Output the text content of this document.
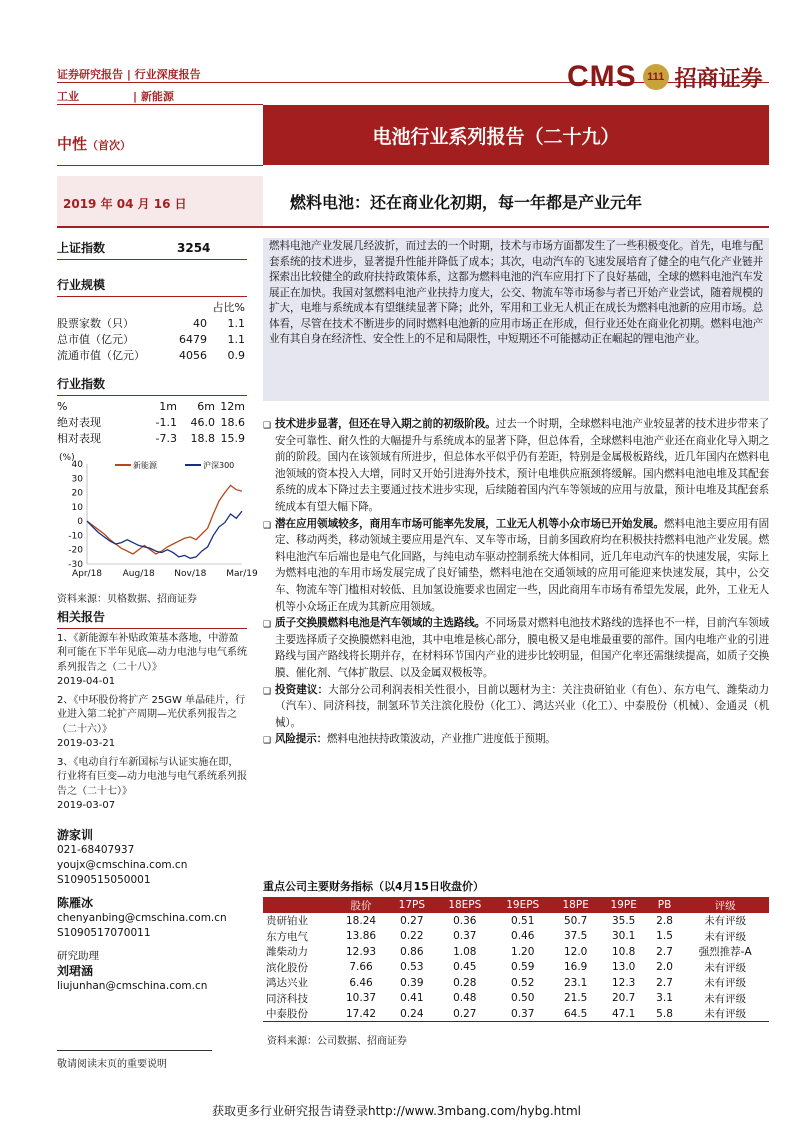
证券研究报告 | 行业深度报告
工业	| 新能源
CMS 111 招商证券
电池行业系列报告（二十九）
中性（首次）
2019 年 04 月 16 日	燃料电池：还在商业化初期，每一年都是产业元年
上证指数	3254
行业规模
占比%
股票家数（只）	40	1.1
总市值（亿元）	6479	1.1
流通市值（亿元）	4056	0.9
行业指数
%	1m	6m 12m
绝对表现	-1.1	46.0 18.6
相对表现	-7.3	18.8 15.9
(%)
40
30
20
10
0
-10
-20
-30
Apr/18 Aug/18 Nov/18 Mar/19
新能源	沪深300
资料来源：贝格数据、招商证券
相关报告
1、《新能源车补贴政策基本落地，中游盈利可能在下半年见底—动力电池与电气系统系列报告之（二十八）》
2019-04-01
2、《中环股份将扩产 25GW 单晶硅片，行业进入第二轮扩产周期—光伏系列报告之（二十六）》
2019-03-21
3、《电动自行车新国标与认证实施在即，行业将有巨变—动力电池与电气系统系列报告之（二十七）》
2019-03-07
游家训
021-68407937
youjx@cmschina.com.cn
S1090515050001
陈雁冰
chenyanbing@cmschina.com.cn
S1090517070011
研究助理
刘珺涵
liujunhan@cmschina.com.cn
燃料电池产业发展几经波折，而过去的一个时期，技术与市场方面都发生了一些积极变化。首先，电堆与配套系统的技术进步，显著提升性能并降低了成本；其次，电动汽车的飞速发展培育了健全的电气化产业链并探索出比较健全的政府扶持政策体系，这都为燃料电池的汽车应用打下了良好基础，全球的燃料电池汽车发展正在加快。我国对氢燃料电池产业扶持力度大，公交、物流车等市场参与者已开始产业尝试，随着规模的扩大，电堆与系统成本有望继续显著下降；此外，军用和工业无人机正在成长为燃料电池新的应用市场。总体看，尽管在技术不断进步的同时燃料电池新的应用市场正在形成，但行业还处在商业化初期。燃料电池产业有其自身在经济性、安全性上的不足和局限性，中短期还不可能撼动正在崛起的锂电池产业。
❑ 技术进步显著，但还在导入期之前的初级阶段。过去一个时期，全球燃料电池产业较显著的技术进步带来了安全可靠性、耐久性的大幅提升与系统成本的显著下降，但总体看，全球燃料电池产业还在商业化导入期之前的阶段。国内在该领域有所进步，但总体水平似乎仍有差距，特别是金属极板路线，近几年国内在燃料电池领域的资本投入大增，同时又开始引进海外技术，预计电堆供应瓶颈将缓解。国内燃料电池电堆及其配套系统的成本下降过去主要通过技术进步实现，后续随着国内汽车等领域的应用与放量，预计电堆及其配套系统成本有望大幅下降。
❑ 潜在应用领域较多，商用车市场可能率先发展，工业无人机等小众市场已开始发展。燃料电池主要应用有固定、移动两类，移动领域主要应用是汽车、叉车等市场，目前多国政府均在积极扶持燃料电池产业发展。燃料电池汽车后端也是电气化回路，与纯电动车驱动控制系统大体相同，近几年电动汽车的快速发展，实际上为燃料电池的车用市场发展完成了良好铺垫，燃料电池在交通领域的应用可能迎来快速发展，其中，公交车、物流车等门槛相对较低、且加氢设施要求也固定一些，因此商用车市场有希望先发展，此外，工业无人机等小众场正在成为其新应用领域。
❑ 质子交换膜燃料电池是汽车领域的主选路线。不同场景对燃料电池技术路线的选择也不一样，目前汽车领域主要选择质子交换膜燃料电池，其中电堆是核心部分，膜电极又是电堆最重要的部件。国内电堆产业的引进路线与国产路线将长期并存，在材料环节国内产业的进步比较明显，但国产化率还需继续提高，如质子交换膜、催化剂、气体扩散层、以及金属双极板等。
❑ 投资建议：大部分公司利润表相关性很小，目前以题材为主：关注贵研铂业（有色）、东方电气、潍柴动力（汽车）、同济科技，制氢环节关注滨化股份（化工）、鸿达兴业（化工）、中泰股份（机械）、金通灵（机械）。
❑ 风险提示：燃料电池扶持政策波动，产业推广进度低于预期。
重点公司主要财务指标（以4月15日收盘价）
	股价	17PS	18EPS	19EPS	18PE	19PE	PB	评级
贵研铂业	18.24	0.27	0.36	0.51	50.7	35.5	2.8	未有评级
东方电气	13.86	0.22	0.37	0.46	37.5	30.1	1.5	未有评级
潍柴动力	12.93	0.86	1.08	1.20	12.0	10.8	2.7	强烈推荐-A
滨化股份	7.66	0.53	0.45	0.59	16.9	13.0	2.0	未有评级
鸿达兴业	6.46	0.39	0.28	0.52	23.1	12.3	2.7	未有评级
同济科技	10.37	0.41	0.48	0.50	21.5	20.7	3.1	未有评级
中泰股份	17.42	0.24	0.27	0.37	64.5	47.1	5.8	未有评级
资料来源：公司数据、招商证券
敬请阅读末页的重要说明
获取更多行业研究报告请登录http://www.3mbang.com/hybg.html
